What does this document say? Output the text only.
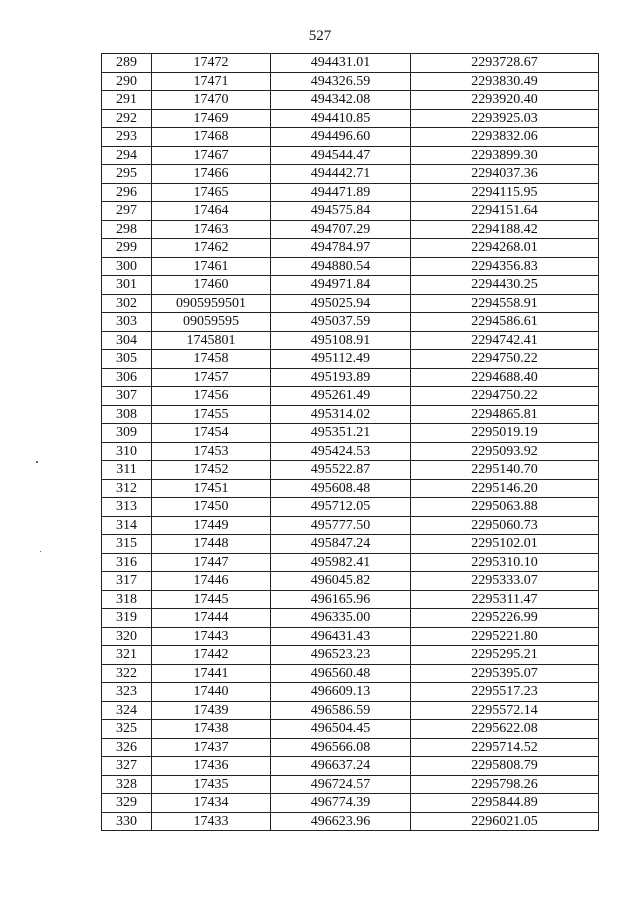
527
289	17472	494431.01	2293728.67
290	17471	494326.59	2293830.49
291	17470	494342.08	2293920.40
292	17469	494410.85	2293925.03
293	17468	494496.60	2293832.06
294	17467	494544.47	2293899.30
295	17466	494442.71	2294037.36
296	17465	494471.89	2294115.95
297	17464	494575.84	2294151.64
298	17463	494707.29	2294188.42
299	17462	494784.97	2294268.01
300	17461	494880.54	2294356.83
301	17460	494971.84	2294430.25
302	0905959501	495025.94	2294558.91
303	09059595	495037.59	2294586.61
304	1745801	495108.91	2294742.41
305	17458	495112.49	2294750.22
306	17457	495193.89	2294688.40
307	17456	495261.49	2294750.22
308	17455	495314.02	2294865.81
309	17454	495351.21	2295019.19
310	17453	495424.53	2295093.92
311	17452	495522.87	2295140.70
312	17451	495608.48	2295146.20
313	17450	495712.05	2295063.88
314	17449	495777.50	2295060.73
315	17448	495847.24	2295102.01
316	17447	495982.41	2295310.10
317	17446	496045.82	2295333.07
318	17445	496165.96	2295311.47
319	17444	496335.00	2295226.99
320	17443	496431.43	2295221.80
321	17442	496523.23	2295295.21
322	17441	496560.48	2295395.07
323	17440	496609.13	2295517.23
324	17439	496586.59	2295572.14
325	17438	496504.45	2295622.08
326	17437	496566.08	2295714.52
327	17436	496637.24	2295808.79
328	17435	496724.57	2295798.26
329	17434	496774.39	2295844.89
330	17433	496623.96	2296021.05
